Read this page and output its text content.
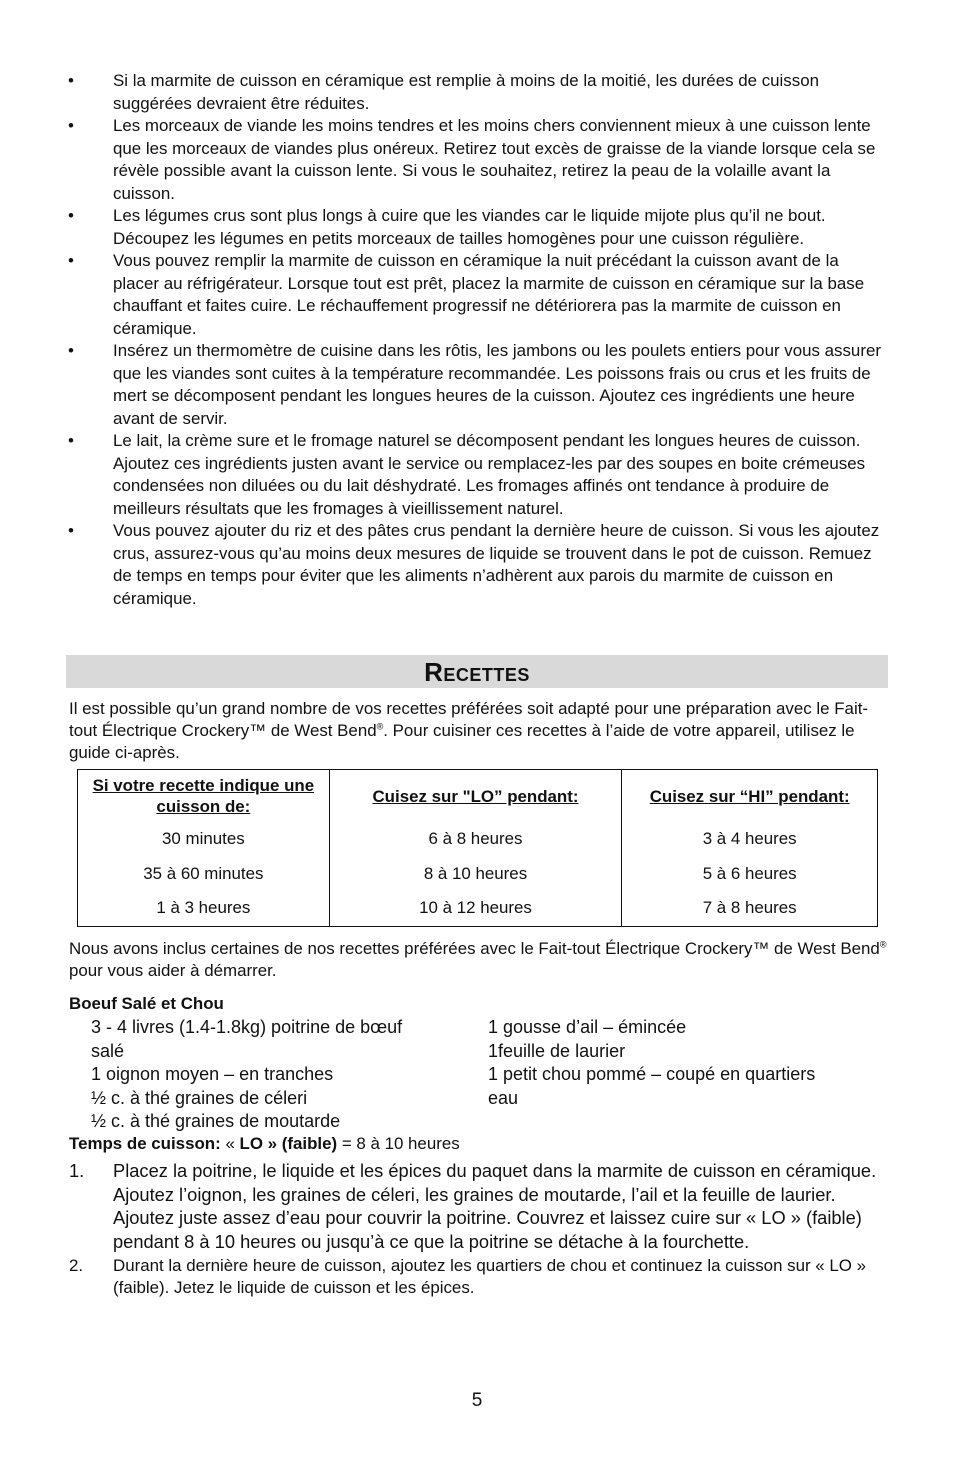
• Si la marmite de cuisson en céramique est remplie à moins de la moitié, les durées de cuisson suggérées devraient être réduites.
• Les morceaux de viande les moins tendres et les moins chers conviennent mieux à une cuisson lente que les morceaux de viandes plus onéreux. Retirez tout excès de graisse de la viande lorsque cela se révèle possible avant la cuisson lente. Si vous le souhaitez, retirez la peau de la volaille avant la cuisson.
• Les légumes crus sont plus longs à cuire que les viandes car le liquide mijote plus qu’il ne bout. Découpez les légumes en petits morceaux de tailles homogènes pour une cuisson régulière.
• Vous pouvez remplir la marmite de cuisson en céramique la nuit précédant la cuisson avant de la placer au réfrigérateur. Lorsque tout est prêt, placez la marmite de cuisson en céramique sur la base chauffant et faites cuire. Le réchauffement progressif ne détériorera pas la marmite de cuisson en céramique.
• Insérez un thermomètre de cuisine dans les rôtis, les jambons ou les poulets entiers pour vous assurer que les viandes sont cuites à la température recommandée. Les poissons frais ou crus et les fruits de mert se décomposent pendant les longues heures de la cuisson. Ajoutez ces ingrédients une heure avant de servir.
• Le lait, la crème sure et le fromage naturel se décomposent pendant les longues heures de cuisson. Ajoutez ces ingrédients justen avant le service ou remplacez-les par des soupes en boite crémeuses condensées non diluées ou du lait déshydraté. Les fromages affinés ont tendance à produire de meilleurs résultats que les fromages à vieillissement naturel.
• Vous pouvez ajouter du riz et des pâtes crus pendant la dernière heure de cuisson. Si vous les ajoutez crus, assurez-vous qu’au moins deux mesures de liquide se trouvent dans le pot de cuisson. Remuez de temps en temps pour éviter que les aliments n’adhèrent aux parois du marmite de cuisson en céramique.
Recettes

Il est possible qu’un grand nombre de vos recettes préférées soit adapté pour une préparation avec le Fait-tout Électrique Crockery™ de West Bend®. Pour cuisiner ces recettes à l’aide de votre appareil, utilisez le guide ci-après.

Si votre recette indique une cuisson de:	Cuisez sur "LO” pendant:	Cuisez sur “HI” pendant:
30 minutes	6 à 8 heures	3 à 4 heures
35 à 60 minutes	8 à 10 heures	5 à 6 heures
1 à 3 heures	10 à 12 heures	7 à 8 heures

Nous avons inclus certaines de nos recettes préférées avec le Fait-tout Électrique Crockery™ de West Bend® pour vous aider à démarrer.

Boeuf Salé et Chou
3 - 4 livres (1.4-1.8kg) poitrine de bœuf
salé
1 oignon moyen – en tranches
½ c. à thé graines de céleri
½ c. à thé graines de moutarde
1 gousse d’ail – émincée
1feuille de laurier
1 petit chou pommé – coupé en quartiers
eau
Temps de cuisson: « LO » (faible) = 8 à 10 heures
1. Placez la poitrine, le liquide et les épices du paquet dans la marmite de cuisson en céramique. Ajoutez l’oignon, les graines de céleri, les graines de moutarde, l’ail et la feuille de laurier. Ajoutez juste assez d’eau pour couvrir la poitrine. Couvrez et laissez cuire sur « LO » (faible) pendant 8 à 10 heures ou jusqu’à ce que la poitrine se détache à la fourchette.
2. Durant la dernière heure de cuisson, ajoutez les quartiers de chou et continuez la cuisson sur « LO » (faible). Jetez le liquide de cuisson et les épices.
5
